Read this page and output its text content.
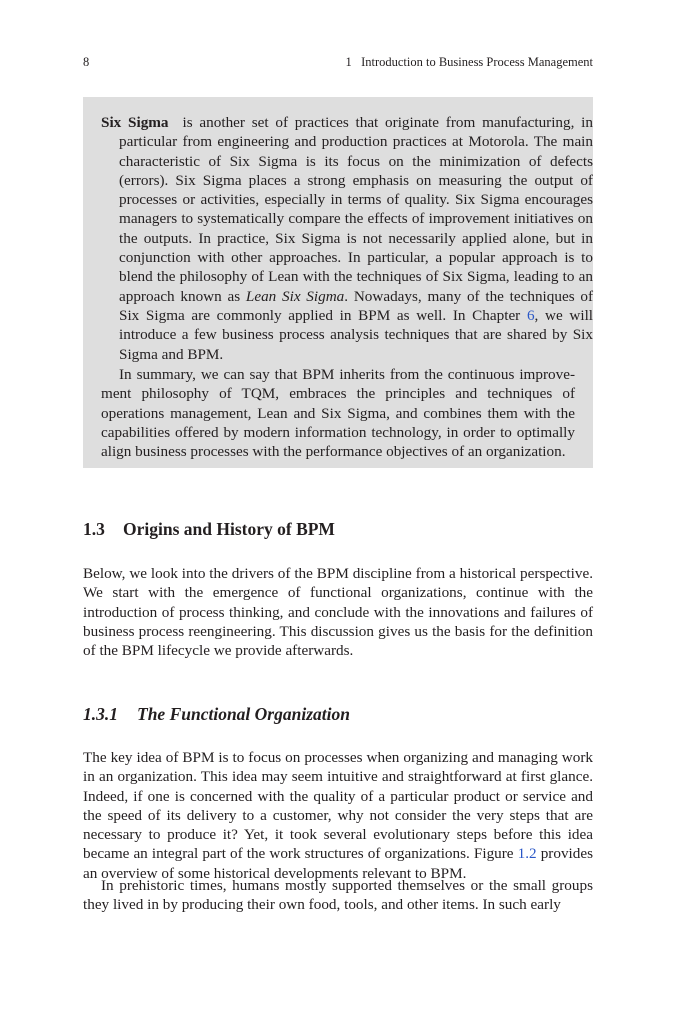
8	1   Introduction to Business Process Management

Six Sigma is another set of practices that originate from manufacturing, in particular from engineering and production practices at Motorola. The main characteristic of Six Sigma is its focus on the minimization of defects (errors). Six Sigma places a strong emphasis on measuring the output of processes or activities, especially in terms of quality. Six Sigma encourages managers to systematically compare the effects of improvement initiatives on the outputs. In practice, Six Sigma is not necessarily applied alone, but in conjunction with other approaches. In particular, a popular approach is to blend the philosophy of Lean with the techniques of Six Sigma, leading to an approach known as Lean Six Sigma. Nowadays, many of the techniques of Six Sigma are commonly applied in BPM as well. In Chapter 6, we will introduce a few business process analysis techniques that are shared by Six Sigma and BPM.

In summary, we can say that BPM inherits from the continuous improvement philosophy of TQM, embraces the principles and techniques of operations management, Lean and Six Sigma, and combines them with the capabilities offered by modern information technology, in order to optimally align business processes with the performance objectives of an organization.

1.3 Origins and History of BPM

Below, we look into the drivers of the BPM discipline from a historical perspective. We start with the emergence of functional organizations, continue with the introduction of process thinking, and conclude with the innovations and failures of business process reengineering. This discussion gives us the basis for the definition of the BPM lifecycle we provide afterwards.

1.3.1 The Functional Organization

The key idea of BPM is to focus on processes when organizing and managing work in an organization. This idea may seem intuitive and straightforward at first glance. Indeed, if one is concerned with the quality of a particular product or service and the speed of its delivery to a customer, why not consider the very steps that are necessary to produce it? Yet, it took several evolutionary steps before this idea became an integral part of the work structures of organizations. Figure 1.2 provides an overview of some historical developments relevant to BPM.

In prehistoric times, humans mostly supported themselves or the small groups they lived in by producing their own food, tools, and other items. In such early
